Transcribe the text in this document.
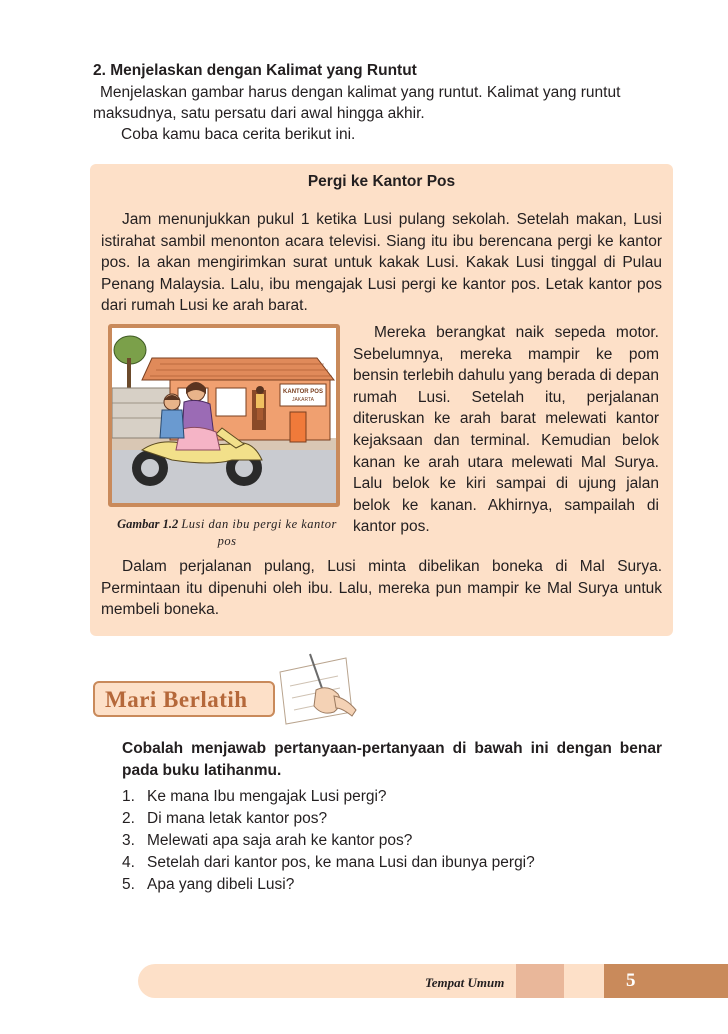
2. Menjelaskan dengan Kalimat yang Runtut
Menjelaskan gambar harus dengan kalimat yang runtut. Kalimat yang runtut
maksudnya, satu persatu dari awal hingga akhir.
Coba kamu baca cerita berikut ini.
Pergi ke Kantor Pos

Jam menunjukkan pukul 1 ketika Lusi pulang sekolah. Setelah makan, Lusi istirahat sambil menonton acara televisi. Siang itu ibu berencana pergi ke kantor pos. Ia akan mengirimkan surat untuk kakak Lusi. Kakak Lusi tinggal di Pulau Penang Malaysia. Lalu, ibu mengajak Lusi pergi ke kantor pos. Letak kantor pos dari rumah Lusi ke arah barat.

KANTOR POS
JAKARTA
Gambar 1.2 Lusi dan ibu pergi ke kantor pos

Mereka berangkat naik sepeda motor. Sebelumnya, mereka mampir ke pom bensin terlebih dahulu yang berada di depan rumah Lusi. Setelah itu, perjalanan diteruskan ke arah barat melewati kantor kejaksaan dan terminal. Kemudian belok kanan ke arah utara melewati Mal Surya. Lalu belok ke kiri sampai di ujung jalan belok ke kanan. Akhirnya, sampailah di kantor pos.

Dalam perjalanan pulang, Lusi minta dibelikan boneka di Mal Surya. Permintaan itu dipenuhi oleh ibu. Lalu, mereka pun mampir ke Mal Surya untuk membeli boneka.

Mari Berlatih

Cobalah menjawab pertanyaan-pertanyaan di bawah ini dengan benar pada buku latihanmu.

1. Ke mana Ibu mengajak Lusi pergi?
2. Di mana letak kantor pos?
3. Melewati apa saja arah ke kantor pos?
4. Setelah dari kantor pos, ke mana Lusi dan ibunya pergi?
5. Apa yang dibeli Lusi?
Tempat Umum	5
